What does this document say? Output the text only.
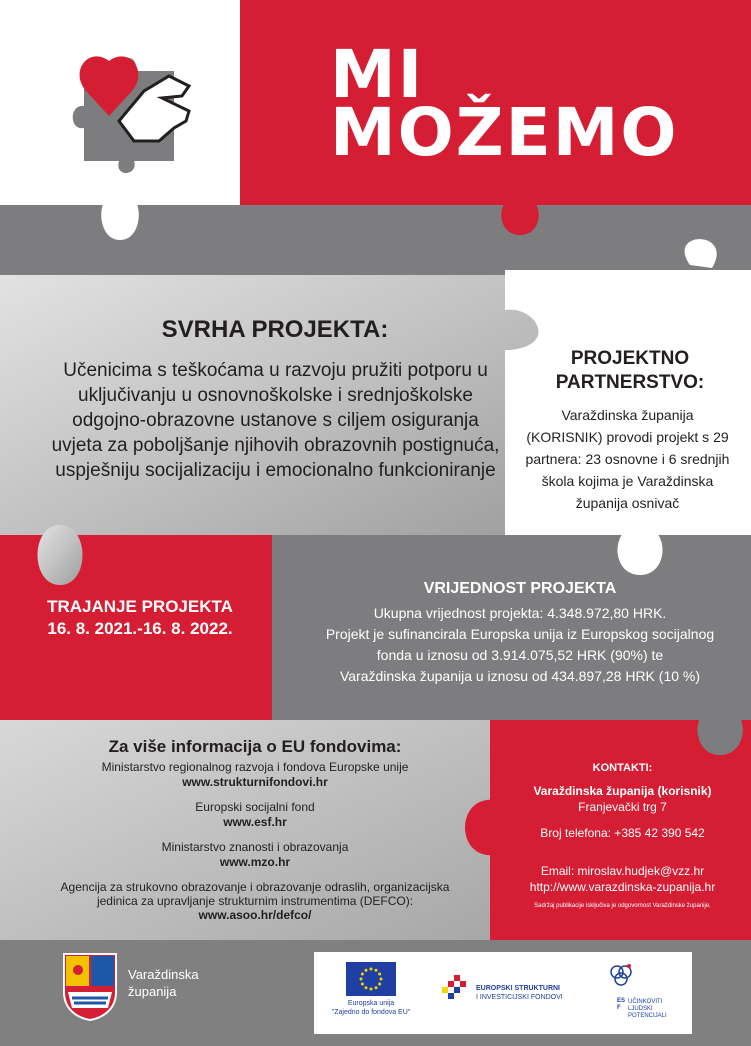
MI
MOŽEMO
SVRHA PROJEKTA:
Učenicima s teškoćama u razvoju pružiti potporu u uključivanju u osnovnoškolske i srednjoškolske odgojno-obrazovne ustanove s ciljem osiguranja uvjeta za poboljšanje njihovih obrazovnih postignuća, uspješniju socijalizaciju i emocionalno funkcioniranje
PROJEKTNO
PARTNERSTVO:
Varaždinska županija (KORISNIK) provodi projekt s 29 partnera: 23 osnovne i 6 srednjih škola kojima je Varaždinska županija osnivač
TRAJANJE PROJEKTA
16. 8. 2021.-16. 8. 2022.
VRIJEDNOST PROJEKTA
Ukupna vrijednost projekta: 4.348.972,80 HRK.
Projekt je sufinancirala Europska unija iz Europskog socijalnog
fonda u iznosu od 3.914.075,52 HRK (90%) te
Varaždinska županija u iznosu od 434.897,28 HRK (10 %)
Za više informacija o EU fondovima:
Ministarstvo regionalnog razvoja i fondova Europske unije
www.strukturnifondovi.hr
Europski socijalni fond
www.esf.hr
Ministarstvo znanosti i obrazovanja
www.mzo.hr
Agencija za strukovno obrazovanje i obrazovanje odraslih, organizacijska jedinica za upravljanje strukturnim instrumentima (DEFCO):
www.asoo.hr/defco/
KONTAKTI:
Varaždinska županija (korisnik)
Franjevački trg 7
Broj telefona: +385 42 390 542
Email: miroslav.hudjek@vzz.hr
http://www.varazdinska-zupanija.hr
Sadržaj publikacije isključiva je odgovornost Varaždinske županije.
Varaždinska
županija
Europska unija
"Zajedno do fondova EU"
EUROPSKI STRUKTURNI
I INVESTICIJSKI FONDOVI	ESF
UČINKOVITI
LJUDSKI
POTENCIJALI
